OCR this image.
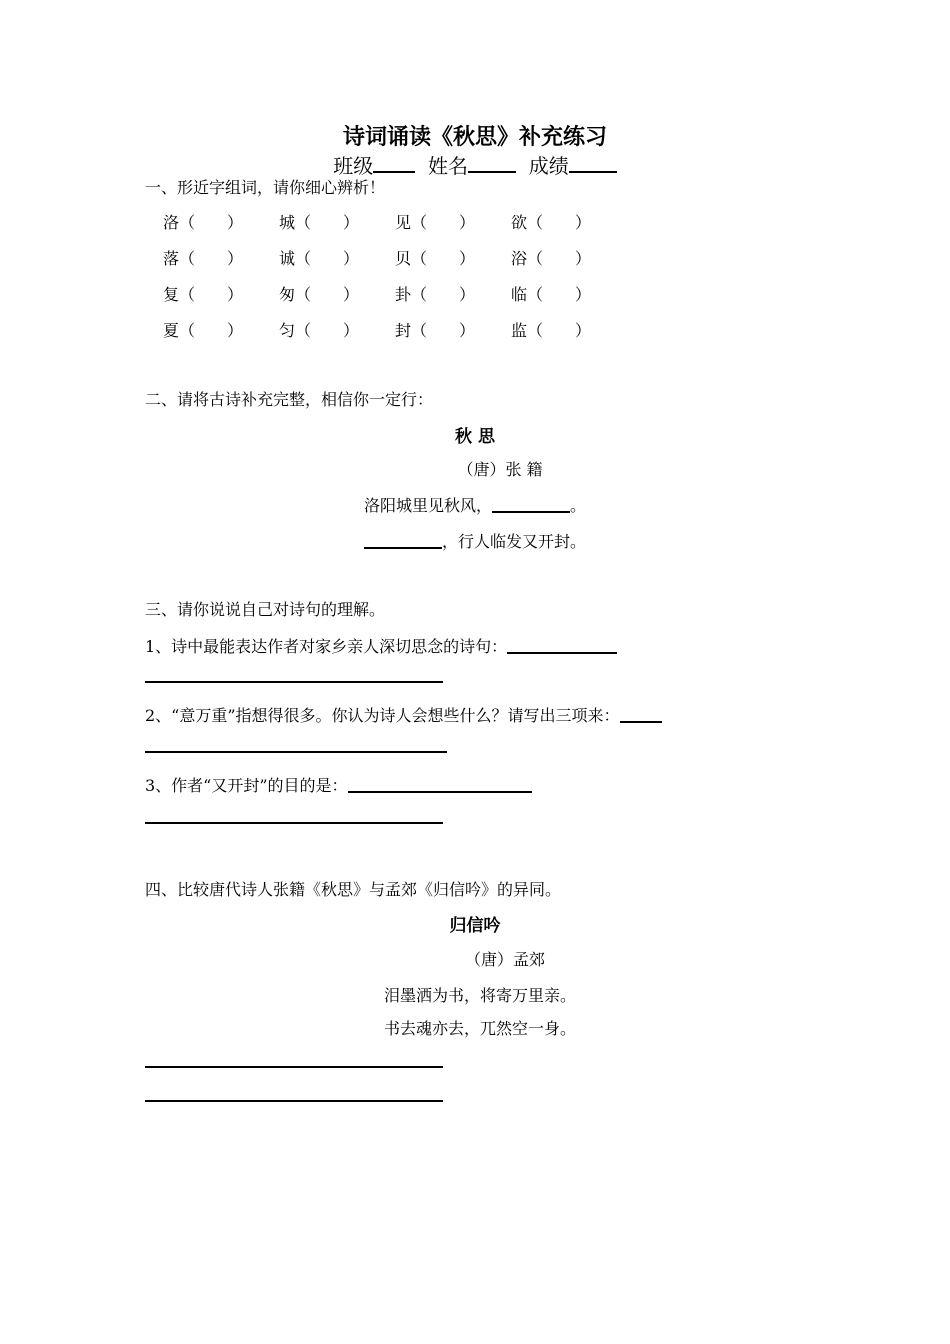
诗词诵读《秋思》补充练习
班级	姓名	成绩
一、形近字组词，请你细心辨析！
洛（　　） 城（　　） 见（　　） 欲（　　）
落（　　） 诚（　　） 贝（　　） 浴（　　）
复（　　） 匆（　　） 卦（　　） 临（　　）
夏（　　） 匀（　　） 封（　　） 监（　　）
二、请将古诗补充完整，相信你一定行：
秋 思
（唐）张 籍
洛阳城里见秋风，	。
，行人临发又开封。
三、请你说说自己对诗句的理解。
1、诗中最能表达作者对家乡亲人深切思念的诗句：
2、“意万重”指想得很多。你认为诗人会想些什么？请写出三项来：
3、作者“又开封”的目的是：
四、比较唐代诗人张籍《秋思》与孟郊《归信吟》的异同。
归信吟
（唐）孟郊
泪墨洒为书，将寄万里亲。
书去魂亦去，兀然空一身。
